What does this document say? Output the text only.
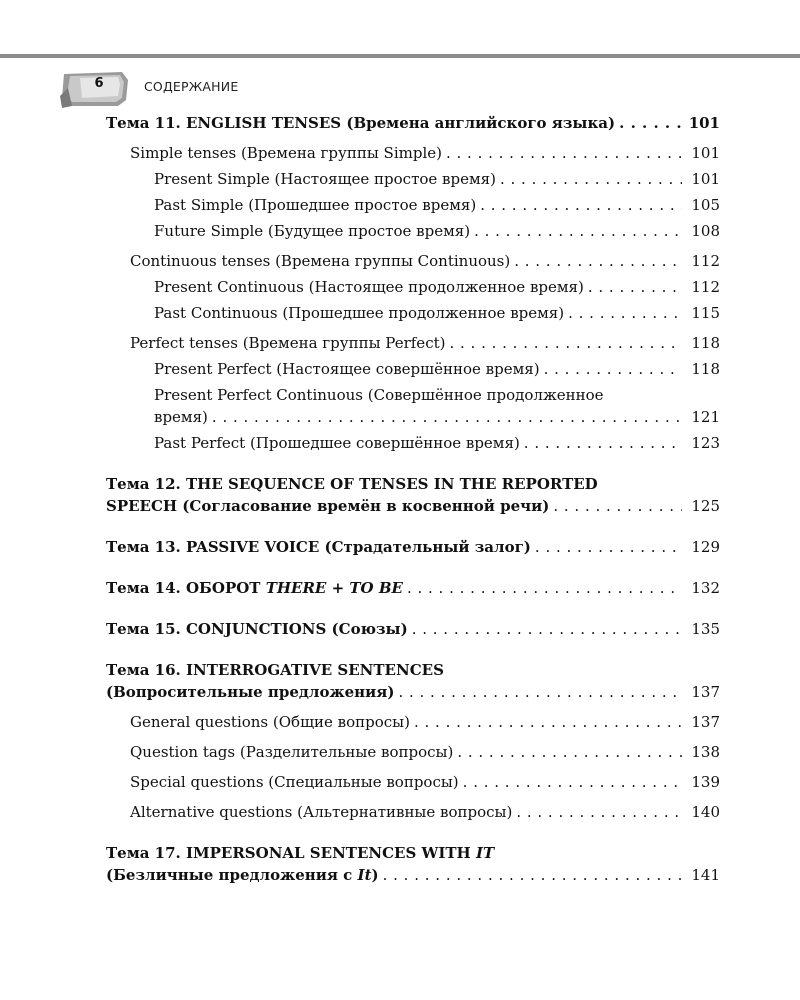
6	СОДЕРЖАНИЕ
Тема 11. ENGLISH TENSES (Времена английского языка) . . .	101
Simple tenses (Времена группы Simple) . . .	101
Present Simple (Настоящее простое время) . . .	101
Past Simple (Прошедшее простое время) . . .	105
Future Simple (Будущее простое время) . . .	108
Continuous tenses (Времена группы Continuous) . . .	112
Present Continuous (Настоящее продолженное время) . . .	112
Past Continuous (Прошедшее продолженное время) . . .	115
Perfect tenses (Времена группы Perfect) . . .	118
Present Perfect (Настоящее совершённое время) . . .	118
Present Perfect Continuous (Совершённое продолженное
время) . . .	121
Past Perfect (Прошедшее совершённое время) . . .	123
Тема 12. THE SEQUENCE OF TENSES IN THE REPORTED
SPEECH (Согласование времён в косвенной речи) . . .	125
Тема 13. PASSIVE VOICE (Страдательный залог) . . .	129
Тема 14. ОБОРОТ THERE + TO BE . . .	132
Тема 15. CONJUNCTIONS (Союзы) . . .	135
Тема 16. INTERROGATIVE SENTENCES
(Вопросительные предложения) . . .	137
General questions (Общие вопросы) . . .	137
Question tags (Разделительные вопросы) . . .	138
Special questions (Специальные вопросы) . . .	139
Alternative questions (Альтернативные вопросы) . . .	140
Тема 17. IMPERSONAL SENTENCES WITH IT
(Безличные предложения с It) . . .	141
